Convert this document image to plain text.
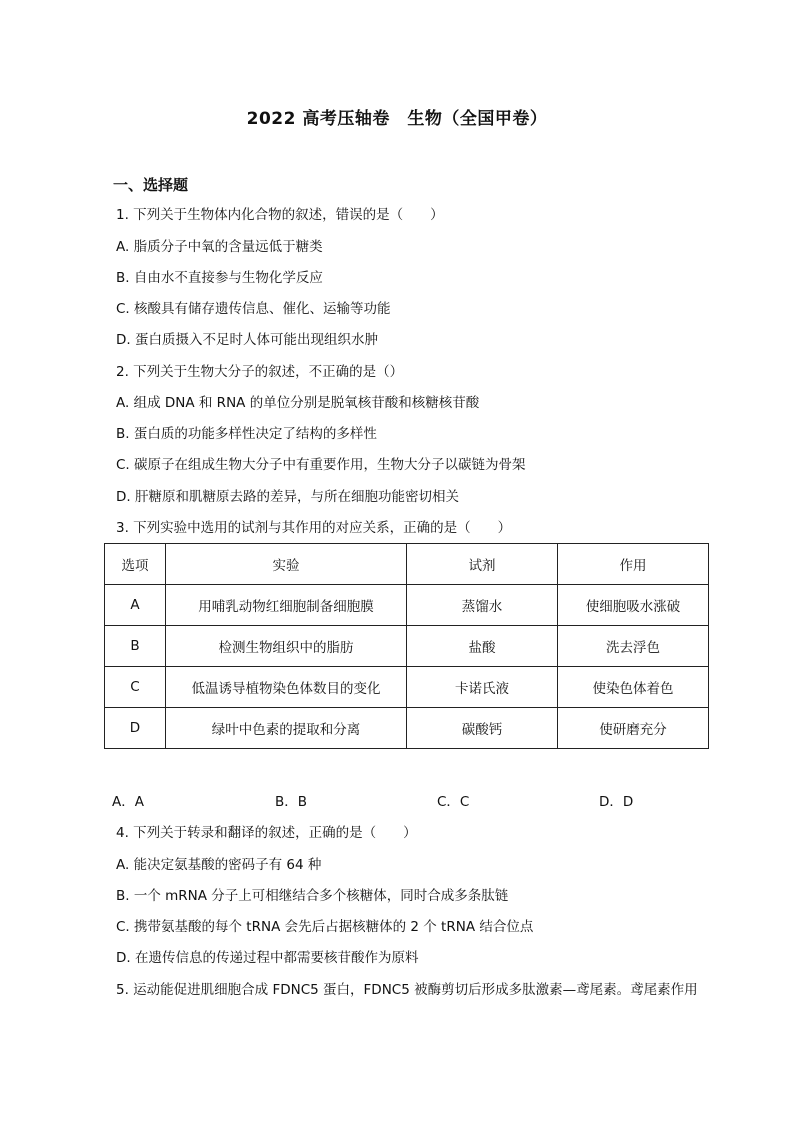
2022 高考压轴卷　生物（全国甲卷）
一、选择题
1. 下列关于生物体内化合物的叙述，错误的是（　　）
A. 脂质分子中氧的含量远低于糖类
B. 自由水不直接参与生物化学反应
C. 核酸具有储存遗传信息、催化、运输等功能
D. 蛋白质摄入不足时人体可能出现组织水肿
2. 下列关于生物大分子的叙述，不正确的是（）
A. 组成 DNA 和 RNA 的单位分别是脱氧核苷酸和核糖核苷酸
B. 蛋白质的功能多样性决定了结构的多样性
C. 碳原子在组成生物大分子中有重要作用，生物大分子以碳链为骨架
D. 肝糖原和肌糖原去路的差异，与所在细胞功能密切相关
3. 下列实验中选用的试剂与其作用的对应关系，正确的是（　　）
选项	实验	试剂	作用
A	用哺乳动物红细胞制备细胞膜	蒸馏水	使细胞吸水涨破
B	检测生物组织中的脂肪	盐酸	洗去浮色
C	低温诱导植物染色体数目的变化	卡诺氏液	使染色体着色
D	绿叶中色素的提取和分离	碳酸钙	使研磨充分
A．A	B．B	C．C	D．D
4. 下列关于转录和翻译的叙述，正确的是（　　）
A. 能决定氨基酸的密码子有 64 种
B. 一个 mRNA 分子上可相继结合多个核糖体，同时合成多条肽链
C. 携带氨基酸的每个 tRNA 会先后占据核糖体的 2 个 tRNA 结合位点
D. 在遗传信息的传递过程中都需要核苷酸作为原料
5. 运动能促进肌细胞合成 FDNC5 蛋白，FDNC5 被酶剪切后形成多肽激素—鸢尾素。鸢尾素作用
